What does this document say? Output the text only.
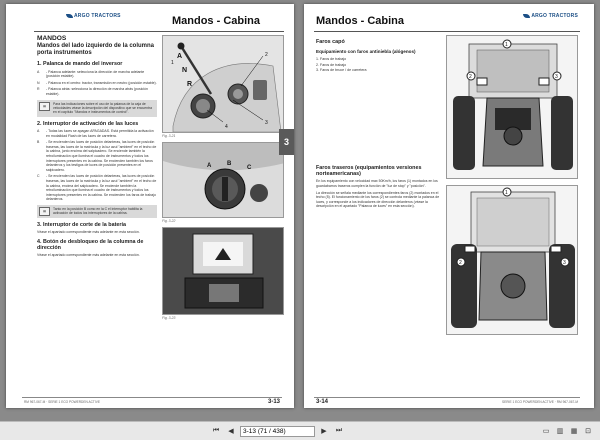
ARGO TRACTORS	Mandos - Cabina
MANDOS
Mandos del lado izquierdo de la columna porta instrumentos
1. Palanca de mando del inversor
A	- Palanca adelante: selecciona la dirección de marcha adelante (posición estable).
N	- Palanca en el centro: tractor, transmisión en neutro (posición estable).
R	- Palanca atrás: selecciona la dirección de marcha atrás (posición estable).
▤	Para las indicaciones sobre el uso de la palanca de la caja de velocidades véase la descripción del dispositivo que se encuentra en el capítulo "Mandos e instrumentos de control".
2. Interruptor de activación de las luces
A	- Todas las luces se apagan APAGADAS. Está permitida la activación en modalidad Flash de las luces de carretera.
B	- Se encienden las luces de posición delanteras, las luces de posición traseras, las luces de la matrícula y la luz azul "ambient" en el techo de la cabina, junto encima del salpicadero. Se enciende también la retroiluminación que ilumina el cuadro de instrumentos y todos los interruptores presentes en la cabina. Se encienden también los faros delanteros y los testigos de luces de posición presentes en el salpicadero.
C	- Se encienden las luces de posición delanteras, las luces de posición traseras, las luces de la matrícula y la luz azul "ambient" en el techo de la cabina, encima del salpicadero. Se enciende también la retroiluminación que ilumina el cuadro de instrumentos y todos los interruptores presentes en la cabina. Se encienden los faros de trabajo delanteros.
▤	Tanto en la posición B como en la C el interruptor habilita la activación de todos los interruptores de la cabina.
3. Interruptor de corte de la batería
Véase el apartado correspondiente más adelante en esta sección.
4. Botón de desbloqueo de la columna de dirección
Véase el apartado correspondiente más adelante en esta sección.
A
N
R
1
2
3
4
Fig. 3-21
A	B
C
Fig. 3-22
Fig. 3-23
RM 967-067-M · SERIE 1 ECO POWERDEN ACTIVE	3-13
3
Mandos - Cabina	ARGO TRACTORS
Faros capó
Equipamiento con faros antiniebla (alógenos)
1. Faros de trabajo
2. Faros de trabajo
3. Faros de bruce / de carretera
Faros traseros (equipamientos versiones norteamericanas)
En los equipamiento con velocidad max 50Km/h, los faros (1) montados en los guardabarros traseros cumplen la función de "luz de stop" y "posición".
La dirección se señala mediante los correspondientes faros (2) montados en el techo (5). El funcionamiento de los faros (2) se controla mediante la palanca de luces, y corresponde a los indicadores de dirección delanteros (véase la descripción en el apartado "Palanca de luces" en esta sección).
1
2	3
1
2	3
3-14	SERIE 1 ECO POWERDEN ACTIVE · RM 967-067-M
⏮ ◀
3-13 (71 / 438)	▶ ⏭	▭ ▥ ▦ ⊡
